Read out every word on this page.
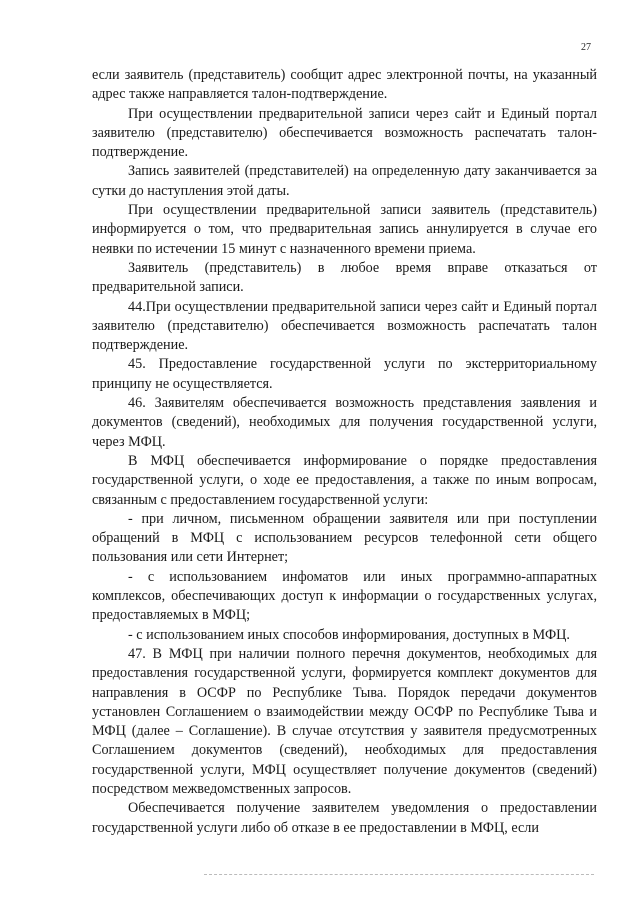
27

если заявитель (представитель) сообщит адрес электронной почты, на указанный адрес также направляется талон-подтверждение.

При осуществлении предварительной записи через сайт и Единый портал заявителю (представителю) обеспечивается возможность распечатать талон-подтверждение.

Запись заявителей (представителей) на определенную дату заканчивается за сутки до наступления этой даты.

При осуществлении предварительной записи заявитель (представитель) информируется о том, что предварительная запись аннулируется в случае его неявки по истечении 15 минут с назначенного времени приема.

Заявитель (представитель) в любое время вправе отказаться от предварительной записи.

44.При осуществлении предварительной записи через сайт и Единый портал заявителю (представителю) обеспечивается возможность распечатать талон подтверждение.

45. Предоставление государственной услуги по экстерриториальному принципу не осуществляется.

46. Заявителям обеспечивается возможность представления заявления и документов (сведений), необходимых для получения государственной услуги, через МФЦ.

В МФЦ обеспечивается информирование о порядке предоставления государственной услуги, о ходе ее предоставления, а также по иным вопросам, связанным с предоставлением государственной услуги:

- при личном, письменном обращении заявителя или при поступлении обращений в МФЦ с использованием ресурсов телефонной сети общего пользования или сети Интернет;

- с использованием инфоматов или иных программно-аппаратных комплексов, обеспечивающих доступ к информации о государственных услугах, предоставляемых в МФЦ;

- с использованием иных способов информирования, доступных в МФЦ.

47. В МФЦ при наличии полного перечня документов, необходимых для предоставления государственной услуги, формируется комплект документов для направления в ОСФР по Республике Тыва. Порядок передачи документов установлен Соглашением о взаимодействии между ОСФР по Республике Тыва и МФЦ (далее – Соглашение). В случае отсутствия у заявителя предусмотренных Соглашением документов (сведений), необходимых для предоставления государственной услуги, МФЦ осуществляет получение документов (сведений) посредством межведомственных запросов.

Обеспечивается получение заявителем уведомления о предоставлении государственной услуги либо об отказе в ее предоставлении в МФЦ, если
